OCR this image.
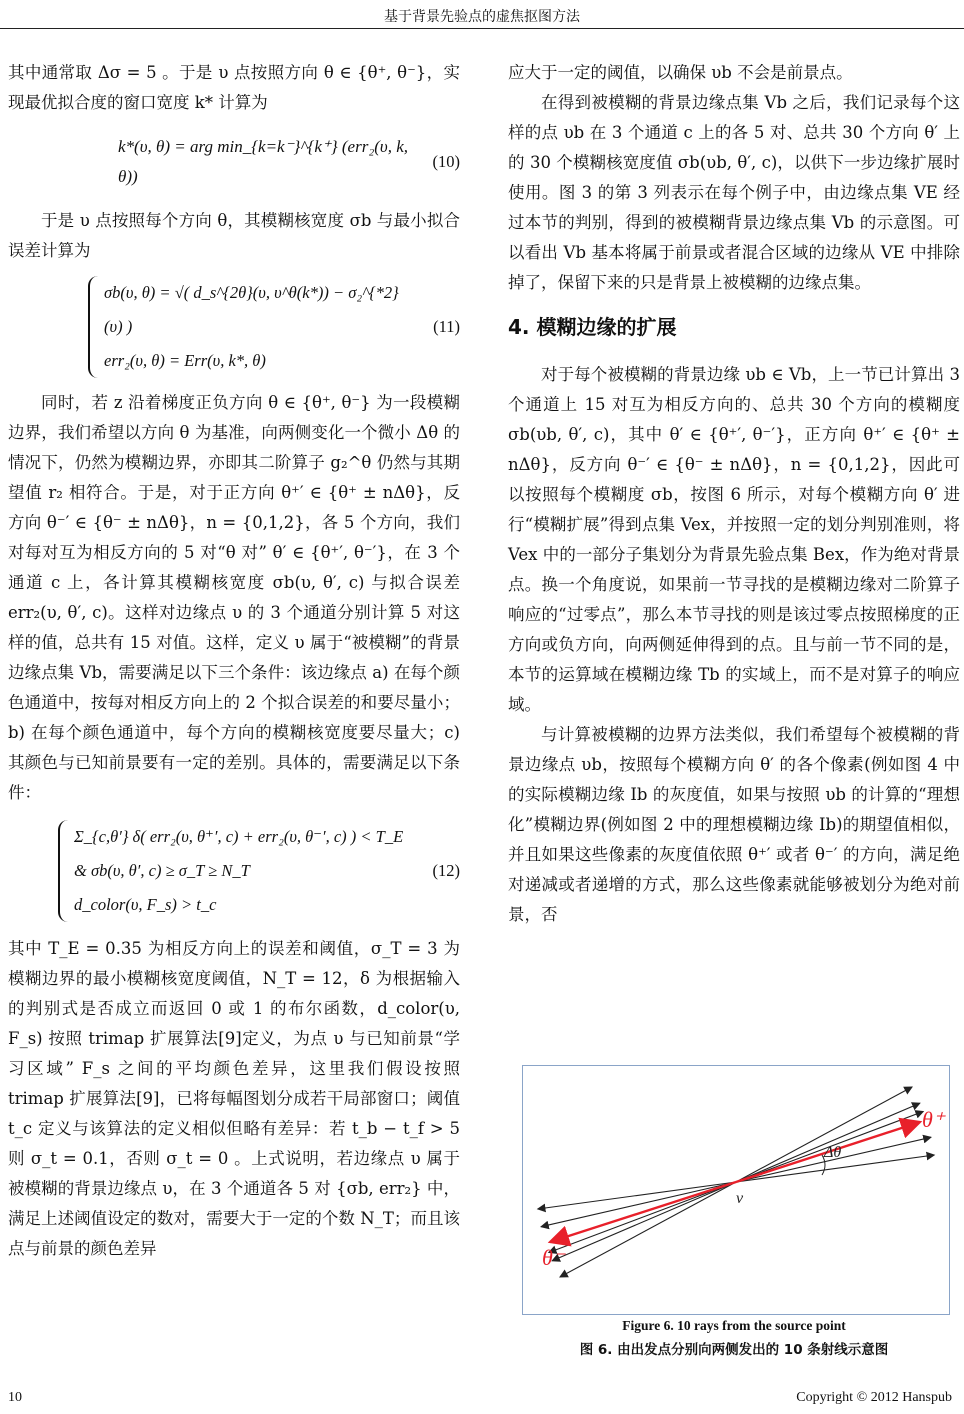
基于背景先验点的虚焦抠图方法

其中通常取 Δσ = 5 。于是 υ 点按照方向 θ ∈ {θ⁺, θ⁻}，实现最优拟合度的窗口宽度 k* 计算为

k*(υ, θ) = arg min_{k=k⁻}^{k⁺} (err₂(υ, k, θ))
(10)

于是 υ 点按照每个方向 θ，其模糊核宽度 σb 与最小拟合误差计算为

σb(υ, θ) = √( d_s^{2θ}(υ, υ^θ(k*)) − σ₂^{*2}(υ) )
err₂(υ, θ) = Err(υ, k*, θ)
(11)

同时，若 z 沿着梯度正负方向 θ ∈ {θ⁺, θ⁻} 为一段模糊边界，我们希望以方向 θ 为基准，向两侧变化一个微小 Δθ 的情况下，仍然为模糊边界，亦即其二阶算子 g₂^θ 仍然与其期望值 r₂ 相符合。于是，对于正方向 θ⁺′ ∈ {θ⁺ ± nΔθ}，反方向 θ⁻′ ∈ {θ⁻ ± nΔθ}，n = {0,1,2}，各 5 个方向，我们对每对互为相反方向的 5 对“θ 对” θ′ ∈ {θ⁺′, θ⁻′}，在 3 个通道 c 上，各计算其模糊核宽度 σb(υ, θ′, c) 与拟合误差 err₂(υ, θ′, c)。这样对边缘点 υ 的 3 个通道分别计算 5 对这样的值，总共有 15 对值。这样，定义 υ 属于“被模糊”的背景边缘点集 Vb，需要满足以下三个条件：该边缘点 a) 在每个颜色通道中，按每对相反方向上的 2 个拟合误差的和要尽量小；b) 在每个颜色通道中，每个方向的模糊核宽度要尽量大；c) 其颜色与已知前景要有一定的差别。具体的，需要满足以下条件：

Σ_{c,θ′} δ( err₂(υ, θ⁺′, c) + err₂(υ, θ⁻′, c) ) < T_E
& σb(υ, θ′, c) ≥ σ_T ≥ N_T
d_color(υ, F_s) > t_c
(12)

其中 T_E = 0.35 为相反方向上的误差和阈值，σ_T = 3 为模糊边界的最小模糊核宽度阈值，N_T = 12，δ 为根据输入的判别式是否成立而返回 0 或 1 的布尔函数，d_color(υ, F_s) 按照 trimap 扩展算法[9]定义，为点 υ 与已知前景“学习区域” F_s 之间的平均颜色差异，这里我们假设按照 trimap 扩展算法[9]，已将每幅图划分成若干局部窗口；阈值 t_c 定义与该算法的定义相似但略有差异：若 t_b − t_f > 5 则 σ_t = 0.1，否则 σ_t = 0 。上式说明，若边缘点 υ 属于被模糊的背景边缘点 υ，在 3 个通道各 5 对 {σb, err₂} 中，满足上述阈值设定的数对，需要大于一定的个数 N_T；而且该点与前景的颜色差异

应大于一定的阈值，以确保 υb 不会是前景点。

在得到被模糊的背景边缘点集 Vb 之后，我们记录每个这样的点 υb 在 3 个通道 c 上的各 5 对、总共 30 个方向 θ′ 上的 30 个模糊核宽度值 σb(υb, θ′, c)，以供下一步边缘扩展时使用。图 3 的第 3 列表示在每个例子中，由边缘点集 VE 经过本节的判别，得到的被模糊背景边缘点集 Vb 的示意图。可以看出 Vb 基本将属于前景或者混合区域的边缘从 VE 中排除掉了，保留下来的只是背景上被模糊的边缘点集。

4. 模糊边缘的扩展

对于每个被模糊的背景边缘 υb ∈ Vb，上一节已计算出 3 个通道上 15 对互为相反方向的、总共 30 个方向的模糊度 σb(υb, θ′, c)，其中 θ′ ∈ {θ⁺′, θ⁻′}，正方向 θ⁺′ ∈ {θ⁺ ± nΔθ}，反方向 θ⁻′ ∈ {θ⁻ ± nΔθ}，n = {0,1,2}，因此可以按照每个模糊度 σb，按图 6 所示，对每个模糊方向 θ′ 进行“模糊扩展”得到点集 Vex，并按照一定的划分判别准则，将 Vex 中的一部分子集划分为背景先验点集 Bex，作为绝对背景点。换一个角度说，如果前一节寻找的是模糊边缘对二阶算子响应的“过零点”，那么本节寻找的则是该过零点按照梯度的正方向或负方向，向两侧延伸得到的点。且与前一节不同的是，本节的运算域在模糊边缘 Tb 的实域上，而不是对算子的响应域。

与计算被模糊的边界方法类似，我们希望每个被模糊的背景边缘点 υb，按照每个模糊方向 θ′ 的各个像素(例如图 4 中的实际模糊边缘 Ib 的灰度值，如果与按照 υb 的计算的“理想化”模糊边界(例如图 2 中的理想模糊边缘 Ib)的期望值相似，并且如果这些像素的灰度值依照 θ⁺′ 或者 θ⁻′ 的方向，满足绝对递减或者递增的方式，那么这些像素就能够被划分为绝对前景，否

θ⁺
θ⁻
Δθ
v
Figure 6. 10 rays from the source point
图 6. 由出发点分别向两侧发出的 10 条射线示意图
10	Copyright © 2012 Hanspub
